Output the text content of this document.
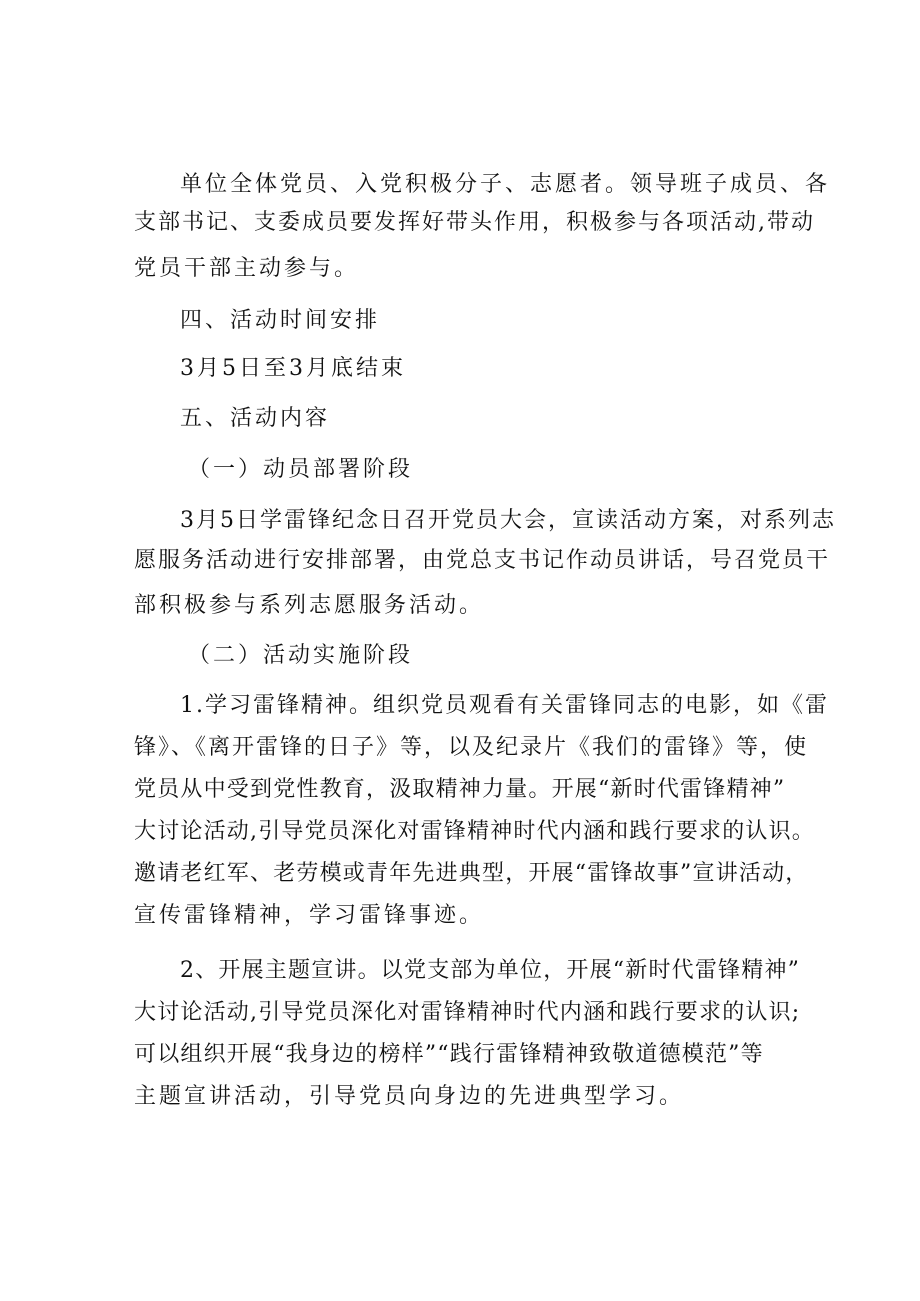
单位全体党员、入党积极分子、志愿者。领导班子成员、各
支部书记、支委成员要发挥好带头作用，积极参与各项活动,带动
党员干部主动参与。
四、活动时间安排
3月5日至3月底结束
五、活动内容
（一）动员部署阶段
3月5日学雷锋纪念日召开党员大会，宣读活动方案，对系列志
愿服务活动进行安排部署，由党总支书记作动员讲话，号召党员干
部积极参与系列志愿服务活动。
（二）活动实施阶段
1.学习雷锋精神。组织党员观看有关雷锋同志的电影，如《雷
锋》、《离开雷锋的日子》等，以及纪录片《我们的雷锋》等，使
党员从中受到党性教育，汲取精神力量。开展“新时代雷锋精神”
大讨论活动,引导党员深化对雷锋精神时代内涵和践行要求的认识。
邀请老红军、老劳模或青年先进典型，开展“雷锋故事”宣讲活动，
宣传雷锋精神，学习雷锋事迹。
2、开展主题宣讲。以党支部为单位，开展“新时代雷锋精神”
大讨论活动,引导党员深化对雷锋精神时代内涵和践行要求的认识;
可以组织开展“我身边的榜样”“践行雷锋精神致敬道德模范”等
主题宣讲活动，引导党员向身边的先进典型学习。
